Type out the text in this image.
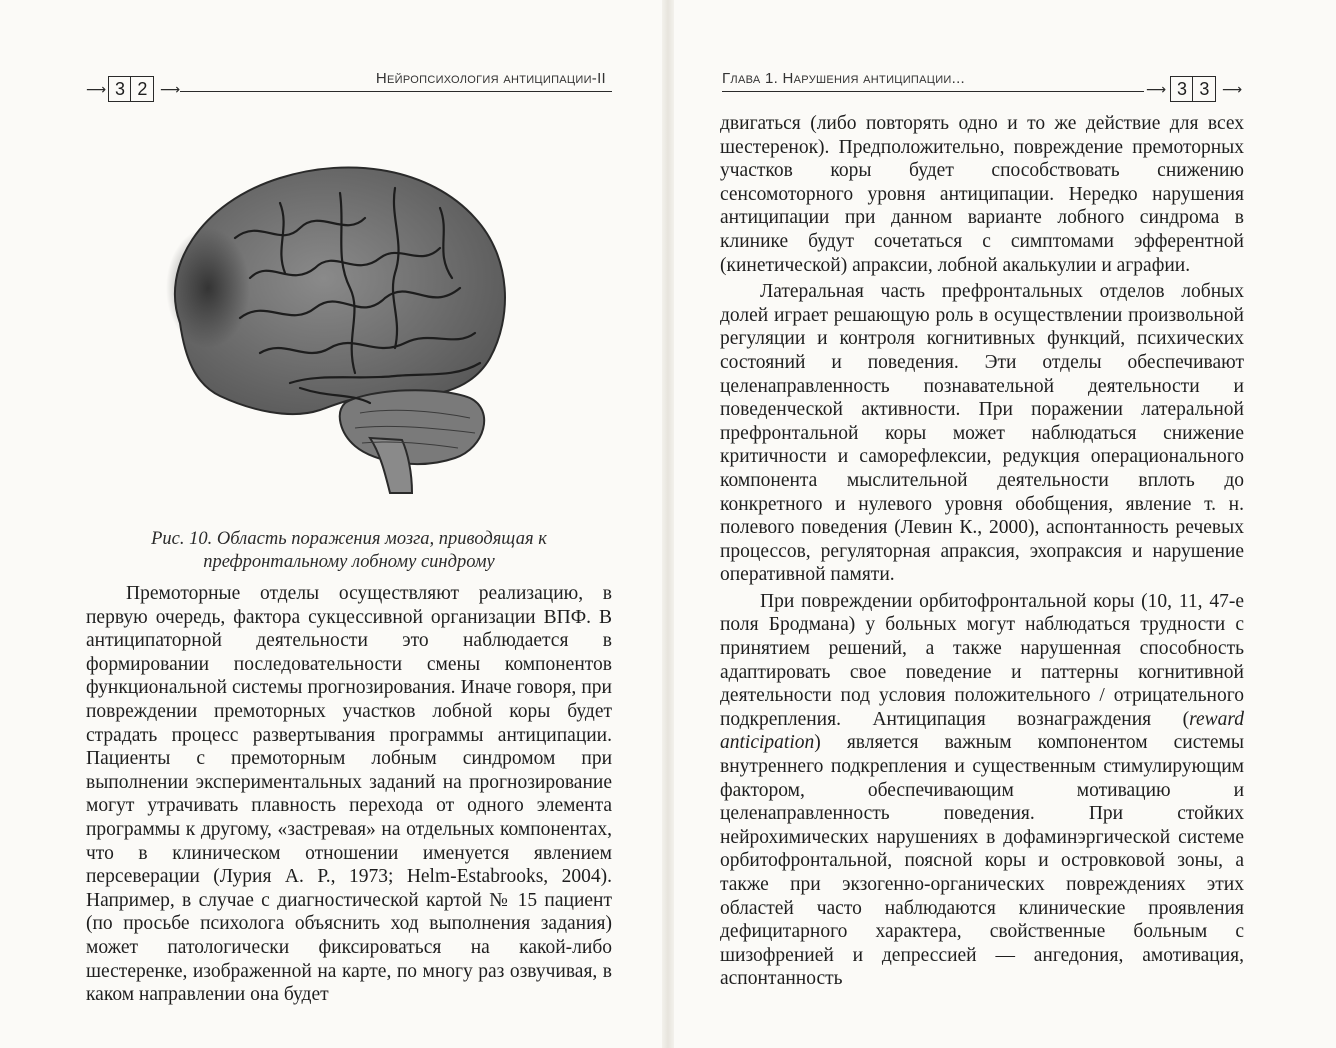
⟶ 3 2 ⟶
Нейропсихология антиципации-II
Рис. 10. Область поражения мозга, приводящая к префронтальному лобному синдрому

Премоторные отделы осуществляют реализацию, в первую очередь, фактора сукцессивной организации ВПФ. В антиципаторной деятельности это наблюдается в формировании последовательности смены компонентов функциональной системы прогнозирования. Иначе говоря, при повреждении премоторных участков лобной коры будет страдать процесс развертывания программы антиципации. Пациенты с премоторным лобным синдромом при выполнении экспериментальных заданий на прогнозирование могут утрачивать плавность перехода от одного элемента программы к другому, «застревая» на отдельных компонентах, что в клиническом отношении именуется явлением персеверации (Лурия А. Р., 1973; Helm-Estabrooks, 2004). Например, в случае с диагностической картой № 15 пациент (по просьбе психолога объяснить ход выполнения задания) может патологически фиксироваться на какой-либо шестеренке, изображенной на карте, по многу раз озвучивая, в каком направлении она будет

Глава 1. Нарушения антиципации...
⟶ 3 3 ⟶

двигаться (либо повторять одно и то же действие для всех шестеренок). Предположительно, повреждение премоторных участков коры будет способствовать снижению сенсомоторного уровня антиципации. Нередко нарушения антиципации при данном варианте лобного синдрома в клинике будут сочетаться с симптомами эфферентной (кинетической) апраксии, лобной акалькулии и аграфии.

Латеральная часть префронтальных отделов лобных долей играет решающую роль в осуществлении произвольной регуляции и контроля когнитивных функций, психических состояний и поведения. Эти отделы обеспечивают целенаправленность познавательной деятельности и поведенческой активности. При поражении латеральной префронтальной коры может наблюдаться снижение критичности и саморефлексии, редукция операционального компонента мыслительной деятельности вплоть до конкретного и нулевого уровня обобщения, явление т. н. полевого поведения (Левин К., 2000), аспонтанность речевых процессов, регуляторная апраксия, эхопраксия и нарушение оперативной памяти.

При повреждении орбитофронтальной коры (10, 11, 47-е поля Бродмана) у больных могут наблюдаться трудности с принятием решений, а также нарушенная способность адаптировать свое поведение и паттерны когнитивной деятельности под условия положительного / отрицательного подкрепления. Антиципация вознаграждения (reward anticipation) является важным компонентом системы внутреннего подкрепления и существенным стимулирующим фактором, обеспечивающим мотивацию и целенаправленность поведения. При стойких нейрохимических нарушениях в дофаминэргической системе орбитофронтальной, поясной коры и островковой зоны, а также при экзогенно-органических повреждениях этих областей часто наблюдаются клинические проявления дефицитарного характера, свойственные больным с шизофренией и депрессией — ангедония, амотивация, аспонтанность
